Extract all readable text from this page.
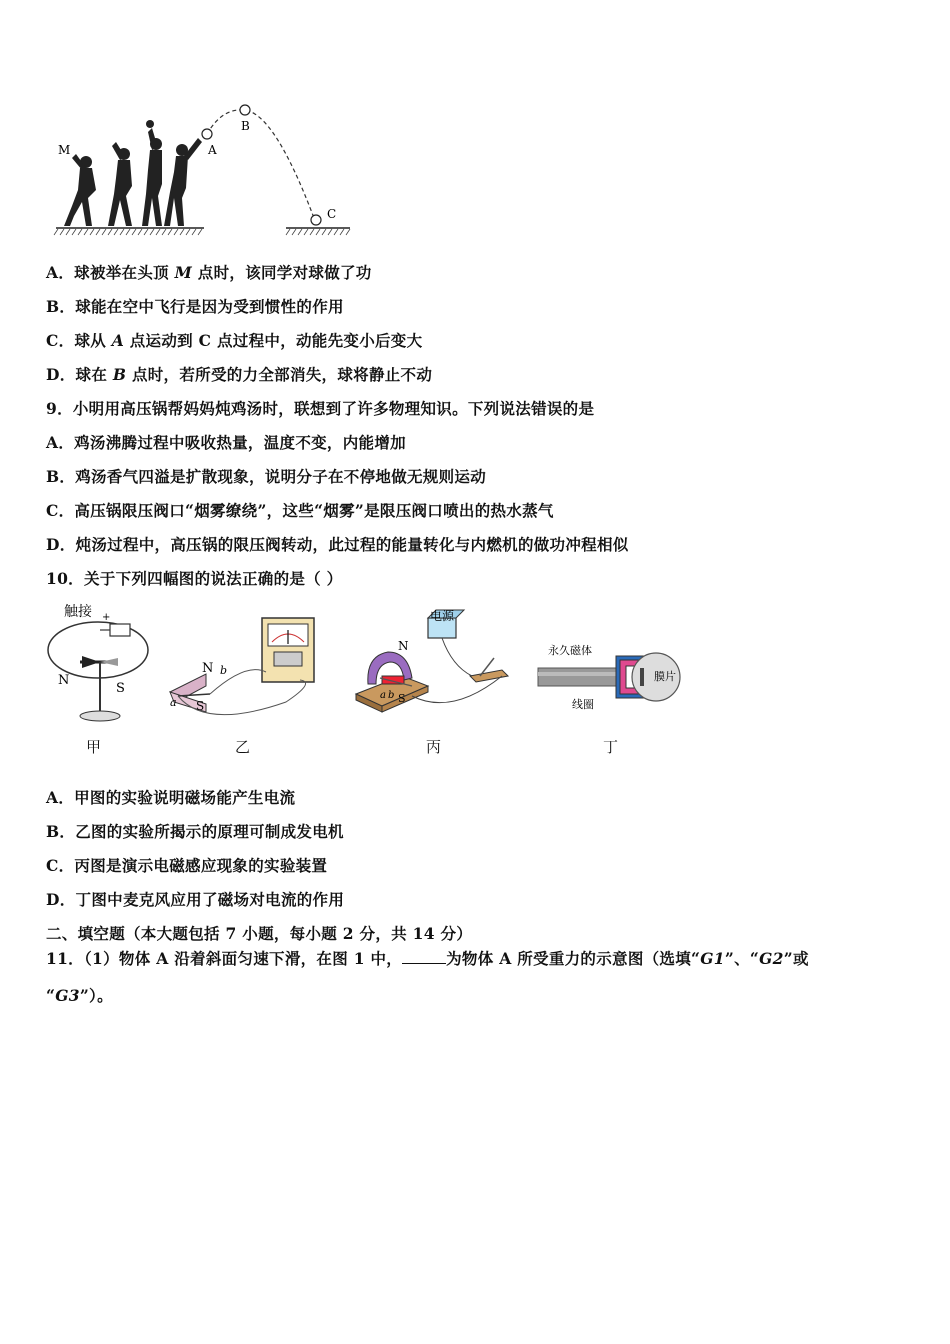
M	A
B
C
A．球被举在头顶 M 点时，该同学对球做了功
B．球能在空中飞行是因为受到惯性的作用
C．球从 A 点运动到 C 点过程中，动能先变小后变大
D．球在 B 点时，若所受的力全部消失，球将静止不动
9．小明用高压锅帮妈妈炖鸡汤时，联想到了许多物理知识。下列说法错误的是
A．鸡汤沸腾过程中吸收热量，温度不变，内能增加
B．鸡汤香气四溢是扩散现象，说明分子在不停地做无规则运动
C．高压锅限压阀口“烟雾缭绕”，这些“烟雾”是限压阀口喷出的热水蒸气
D．炖汤过程中，高压锅的限压阀转动，此过程的能量转化与内燃机的做功冲程相似
10．关于下列四幅图的说法正确的是（ ）
触接 +
N
S
N
S
a
b
电源
N
S
a b
永久磁体
线圈
膜片
甲	乙	丙	丁
A．甲图的实验说明磁场能产生电流
B．乙图的实验所揭示的原理可制成发电机
C．丙图是演示电磁感应现象的实验装置
D．丁图中麦克风应用了磁场对电流的作用
二、填空题（本大题包括 7 小题，每小题 2 分，共 14 分）
11．（1）物体 A 沿着斜面匀速下滑，在图 1 中，	为物体 A 所受重力的示意图（选填“G1”、“G2”或
“G3”）。
